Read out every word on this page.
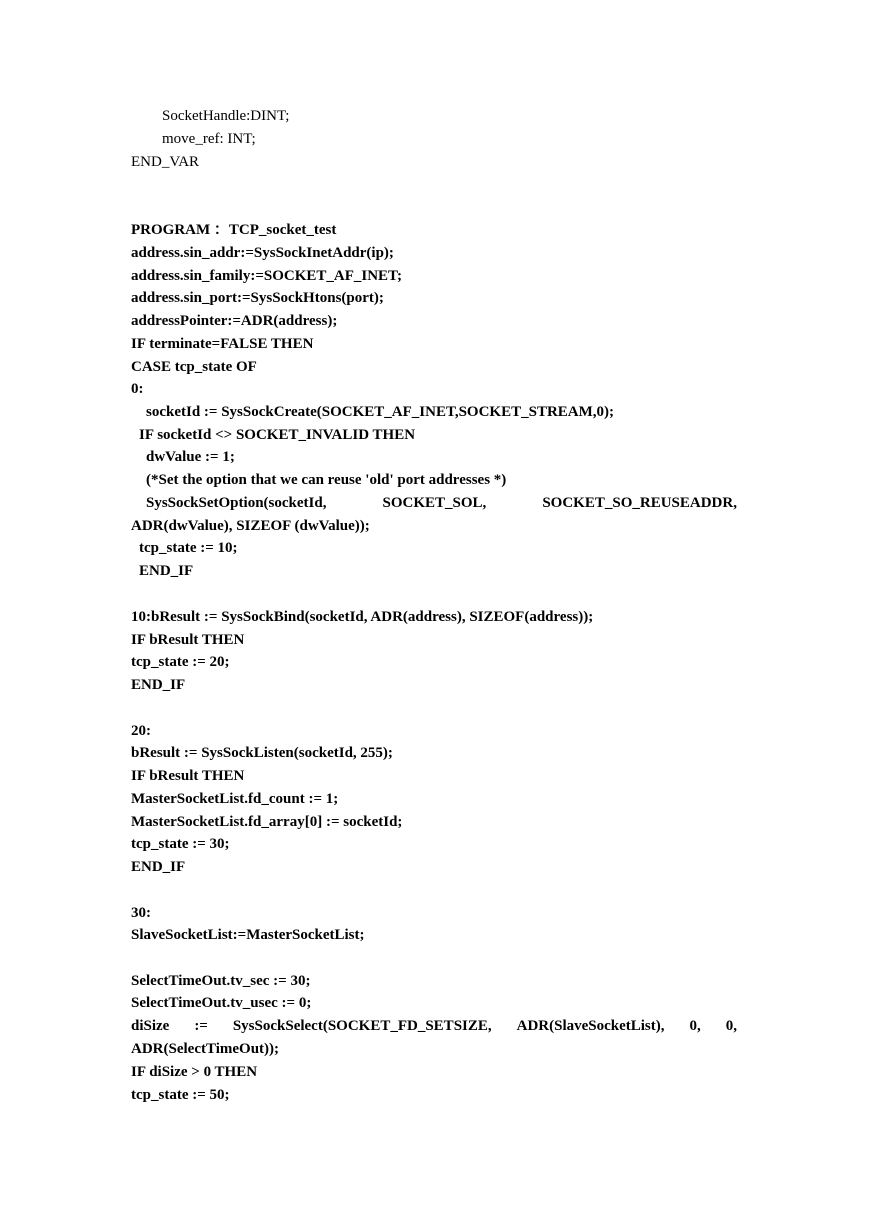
SocketHandle:DINT;
move_ref: INT;
END_VAR
PROGRAM ：TCP_socket_test
address.sin_addr:=SysSockInetAddr(ip);
address.sin_family:=SOCKET_AF_INET;
address.sin_port:=SysSockHtons(port);
addressPointer:=ADR(address);
IF terminate=FALSE THEN
CASE tcp_state OF
0:
socketId := SysSockCreate(SOCKET_AF_INET,SOCKET_STREAM,0);
IF socketId <> SOCKET_INVALID THEN
dwValue := 1;
(*Set the option that we can reuse 'old' port addresses *)
SysSockSetOption(socketId,	SOCKET_SOL,	SOCKET_SO_REUSEADDR,
ADR(dwValue), SIZEOF (dwValue));
tcp_state := 10;
END_IF
10:bResult := SysSockBind(socketId, ADR(address), SIZEOF(address));
IF bResult THEN
tcp_state := 20;
END_IF
20:
bResult := SysSockListen(socketId, 255);
IF bResult THEN
MasterSocketList.fd_count := 1;
MasterSocketList.fd_array[0] := socketId;
tcp_state := 30;
END_IF
30:
SlaveSocketList:=MasterSocketList;
SelectTimeOut.tv_sec := 30;
SelectTimeOut.tv_usec := 0;
diSize := SysSockSelect(SOCKET_FD_SETSIZE, ADR(SlaveSocketList), 0, 0,
ADR(SelectTimeOut));
IF diSize > 0 THEN
tcp_state := 50;
